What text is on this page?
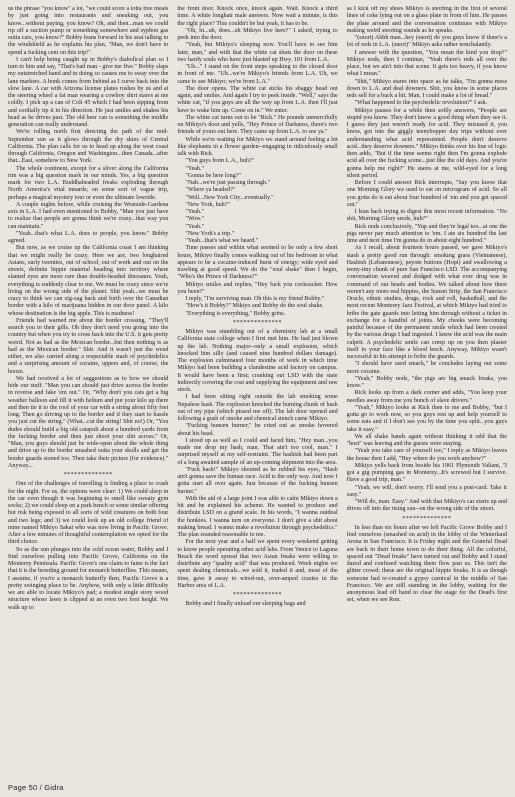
us the phrase "you know" a lot, "we could score a lotta free meals by just going into restaurants and sneaking out, you know...without paying, you know? Oh, and then...man we could rip off a suction pump or something somewhere and syphon gas outta cars, you know?" Bobby leans forward in his seat talking to the windshield as he explains his plan, "Man, we don't have to spend a fucking cent on this trip!"

I can't help being caught up in Bobby's diabolical plan so I turn to him and say, "That's bad man - give me five." Bobby slaps my outstretched hand and in doing so causes me to sway over the lane markers. A honk comes from behind as I curve back into the slow lane. A car with Arizona license plates rushes by us and at the steering wheel a fat man wearing a cowboy shirt stares at me coldly. I pick up a can of Colt 45 which I had been sipping from and cordially tip it in his direction. He just smiles and shakes his head as he drives past. The old beer can is something the middle generation can really understand.

We're rolling north first directing the path of the mid-September sun as it glows through the dry skies of Central California. The plan calls for us to head up along the west coast through California, Oregon and Washington...then Canada...after that...East, somehow to New York.

The whole continent, except for a sliver along the California rim was a big question mark in our minds. Yes, a big question mark for two L.A. Buddhaheaded freaks exploding through North America's vital innards; on some sort of vague trip, perhaps a magical mystery tour or even the ultimate lowride.

A couple nights before, while cruising the Westside-Gardena axis in L.A. I had even mentioned to Bobby, "Man you just have to realize that people are gonna think we're crazy...that way you can maintain."

"Yeah...that's what L.A. does to people, you know." Bobby agreed.

But now, as we cruise up the California coast I am thinking that we might really be crazy. Here we are, two longhaired Asians, early twenties, out of school, out of work and out on the streets, definite hippie material heading into territory where slanted eyes are more rare than double-headed dinosaurs. Yeah, everything is suddenly clear to me. We must be crazy since we're living on the wrong side of the planet. Shit yeah...we must be crazy to think we can zig-zag back and forth over the Canadian border with a kilo of marijuana hidden in our door panel. A kilo whose destination is the big apple. This is madness!

Friends had warned me about the border crossing. "They'll search you to their gills. Oh they don't need you going into the country but when you try to cross back into the U.S. it gets pretty weird. Not as bad as the Mexican border...but then nothing is as bad as the Mexican border." Shit. And it wasn't just the weed either, we also carried along a respectable stash of psychedelics and a surprising amount of cocaine, uppers and, of course, the booze.

We had received a lot of suggestions as to how we should hide our stuff. "Man you can should just drive across the border in reverse and fake 'em out." Or, "Why don't you cats get a big weather balloon and fill it with helium and put your kilo up there and then tie it to the roof of your car with a string about fifty feet long. Then go driving up to the border and if they start to hassle you just cut the string." (What...cut the string! Shit no!) Or, "You dudes should build a big old catapult about a hundred yards from the fucking border and then just shoot your shit across." Or, "Man, you guys should just be wide-open about the whole thing and drive up to the border smashed outta your skulls and get the border guards stoned too. Then take their picture (for evidence)." Anyway...

**************

One of the challenges of travelling is finding a place to crash for the night. For us, the options were clear: 1) We could sleep in the car even though it was beginning to smell like sweaty gym socks; 2) we could sleep on a park bench or some similar offering but risk being exposed to all sorts of wild creatures on both four and two legs; and 3) we could look up an old college friend of mine named Mikiyo Sakai who was now living in Pacific Grove. After a few minutes of thoughtful contemplation we opted for the third choice.

So as the sun plunges into the cold ocean water, Bobby and I find ourselves pulling into Pacific Grove, California on the Monterey Peninsula. Pacific Grove's one claim to fame is the fact that it is the breeding ground for monarch butterflies. This means, I assume, if you're a monarch butterfly then, Pacific Grove is a pretty swinging place to be. Anyhow, with only a little difficulty we are able to locate Mikiyo's pad; a modest single story wood structure whose lawn is clipped at an even two foot height. We walk up to

the front door. Knock once, knock again. Wait. Knock a third time. A white longhair male answers. Now wait a minute, is this the right place? This couldn't be but yeah, it has to be.

"Oh, hi...uh, does...uh Mikiyo live here?" I asked, trying to peek into the door.

"Yeah, but Mikiyo's sleeping now. You'll have to see him later, man," and with that the white cat shuts the door on these two hardy souls who have just blasted up Hwy. 101 from L.A.

"Uh..." I stand on the front steps speaking to the closed door in front of me. "Uh...we're Mikiyo's friends from L.A. Uh, we came to see Mikiyo; we're from L.A."

The door opens. The white cat sticks his shaggy head out again, and smiles. And again I try to peek inside. "Well," says the white cat, "if you guys are all the way up from L.A. then I'll just have to wake him up. Come on in." We enter.

The white cat turns out to be "Rick." He pounds unmercifully on Mikiyo's door and yells, "Hey Prince of Darkness, there's two friends of yours out here. They came up from L.A. to see ya."

While we're waiting for Mikiyo we stand around feeling a bit like elephants in a flower garden--engaging in ridiculously small talk with Rick.

"You guys from L.A., huh?"

"Yeah."

"Gonna be here long?"

"Nah...we're just passing through."

"Where ya headed?"

"Well...New York City...eventually."

"New York, huh?"

"Yeah."

"Wow."

"Yeah."

"New York's a trip."

"Yeah...that's what we heard."

Time passes and within what seemed to be only a few short hours, Mikiyo finally comes walking out of his bedroom in what appears to be a cocaine-induced burst of energy; wide eyed and trawling at good speed. We do the "soul shake" then I begin, "Who's the Prince of Darkness?"

Mikiyo smiles and replies, "Hey fuck you cocksucker. How you been?"

I reply, "I'm surviving man. Oh this is my friend Bobby."

"How's it Bobby?" Mikiyo and Bobby do the soul shake.

"Everything is everything," Bobby grins.

**************

Mikiyo was stumbling out of a chemistry lab at a small California state college when I first met him. He had just blown up the lab. Nothing major--only a small explosion, which knocked him silly (and caused nine hundred dollars damage). The explosion culminated four months of work in which time Mikiyo had been building a clandestine acid factory on campus. It would have been a first; cranking out LSD with the state indirectly covering the cost and supplying the equipment and raw stock.

I had been sitting right outside the lab smoking some Nepalese hash. The explosion knocked the burning chunk of hash out of my pipe (which pissed me off). The lab door opened and following a gush of smoke and chemical stench came Mikiyo.

"Fucking bunsen burner," he cried out as smoke hovered about his head.

I stood up as well as I could and faced him, "Hey man...you made me drop my hash, man. That ain't too cool, man." I surprised myself at my self-restraint. The hashish had been part of a long awaited sample of an up-coming shipment into the area.

"Fuck hash!" Mikiyo shouted as he rubbed his eyes, "Hash ain't gonna save the human race. Acid is the only way. And now I gotta start all over again. Just because of the fucking bunsen burner."

With the aid of a large joint I was able to calm Mikiyo down a bit and he explained his scheme. He wanted to produce and distribute LSD on a grand scale. In his words, "I wanna outdeal the honkies. I wanna turn on everyone. I don't give a shit about making bread. I wanna make a revolution through psychedelics." The plan sounded reasonable to me.

For the next year and a half we spent every weekend getting to know people operating other acid labs. From Venice to Laguna Beach the word spread that two Asian freaks were willing to distribute any "quality acid" that was produced. Week nights we spent dealing chemicals...we sold it, traded it and, most of the time, gave it away to wired-out, over-amped crazies in the Harbor area of L.A.

**************

Bobby and I finally unload our sleeping bags and

as I kick off my shoes Mikiyo is snorting in the first of several lines of coke lying out on a glass plate in front of him. He passes the plate around and the conversation continues with Mikiyo making weird snorting sounds as he speaks.

"(snort) Ahhh man...hey (snort) do you guys know if there's a lot of reds in L.A. (snort)" Mikiyo asks rather nonchalantly.

I answer with the question, "You mean the kind you drop?" Mikiyo nods, then I continue, "Yeah there's reds all over the place, but we ain't into that scene. It gets too heavy, if you know what I mean."

"Shit," Mikiyo stares into space as he talks, "I'm gonna mess down to L.A. and deal downers. Shit, you know in some places reds sell for a buck a hit. Man, I could make a lot of bread."

"What happened to the psychedelic revolution?" I ask.

Mikiyo pauses for a while then softly answers, "People are stupid you know. They don't know a good thing when they see it. I guess they just weren't ready for acid. They misused it, you know, got into the giggly teenybopper day trips without ever understanding what acid represented. People don't deserve acid...they deserve downers." Mikiyo thinks over his line of logic then adds, "But if the time seems right then I'm gonna explode acid all over the fucking scene...just like the old days. And you're gonna help me right?" He stares at me, wild-eyed for a long silent period.

Before I could answer Rick interrupts, "Say you know that one Morning Glory we used to eat on microgram of acid. So all you gotta do is eat about four hundred of 'em and you get spaced out."

I lean back trying to digest this most recent information. "No shit, Morning Glory seeds, huh?"

Rick nods conclusively, "Yup and they're legal too...at one the pigs never pay much attention to 'em. I ate six hundred the last time and next time I'm gonna do in about eight hundred."

As I recall, about fourteen hours passed, we gave Mikiyo's stash a pretty good run through: smoking grass (Vietnamese), Hashish (Lebanonese), peyote buttons (Hopi) and swallowing a teeny-tiny chunk of pure San Francisco LSD. The accompanying conversation weaved and dodged with what ever drug was in command of our heads and bodies. We talked about how there weren't any more real hippies, the Sunset Strip, the San Francisco Oracle, ethnic studies, drugs, rock and roll, basketball, and the most recent Monterey Jazz Festival, at which Mikiyo had tried to bribe the gate guards into letting him through without a ticket in exchange for a handful of joints. My cheeks were becoming painful because of the permanent smile which had been created by the various drugs I had ingested. I knew the acid was the main culprit. A psychedelic smile can creep up on you then plaster itself to your face like a blood leech. Anyway, Mikiyo wasn't successful in his attempt to bribe the guards.

"I should have used smack," he concludes laying out some more cocaine.

"Yeah," Bobby nods, "the pigs are big smack freaks, you know."

Rick looks up from a dark corner and adds, "You keep your needles away from me you bunch of slave drivers."

"Yeah," Mikiyo looks at Rick then to me and Bobby, "but I gotta go to work now, so you guys rest up and help yourself to some eats and if I don't see you by the time you split...you guys take it easy."

We all shake hands again without thinking it odd that the "host" was leaving and the guests were staying.

"Yeah you take care of yourself too," I reply as Mikiyo leaves the house then I add, "Hey where do you work anyhow?"

Mikiyo yells back from beside his 1961 Plymouth Valiant, "I got a gig pumping gas in Monterey...It's screwed but I survive. Have a good trip, man."

"Yeah, we will, don't worry. I'll send you a post-card. Take it easy."

"Will do, man. Easy." And with that Mikiyo's car starts up and drives off into the rising sun--on the wrong side of the street.

**************

In less than six hours after we left Pacific Grove Bobby and I find ourselves (smashed on acid) in the lobby of the Winterland Arena in San Francisco. It is Friday night and the Grateful Dead are back in their home town to do their thing. All the colorful, spaced out "Dead freaks" have turned out and Bobby and I stand dazed and confused watching them flow past us. This isn't the glitter crowd; these are the original hippie freaks. It is as though someone had re-created a gypsy carnival in the middle of San Francisco. We are still standing in the lobby, waiting for the anonymous lead off band to clear the stage for the Dead's first set, when we see Ron.

Page 50 / Gidra
